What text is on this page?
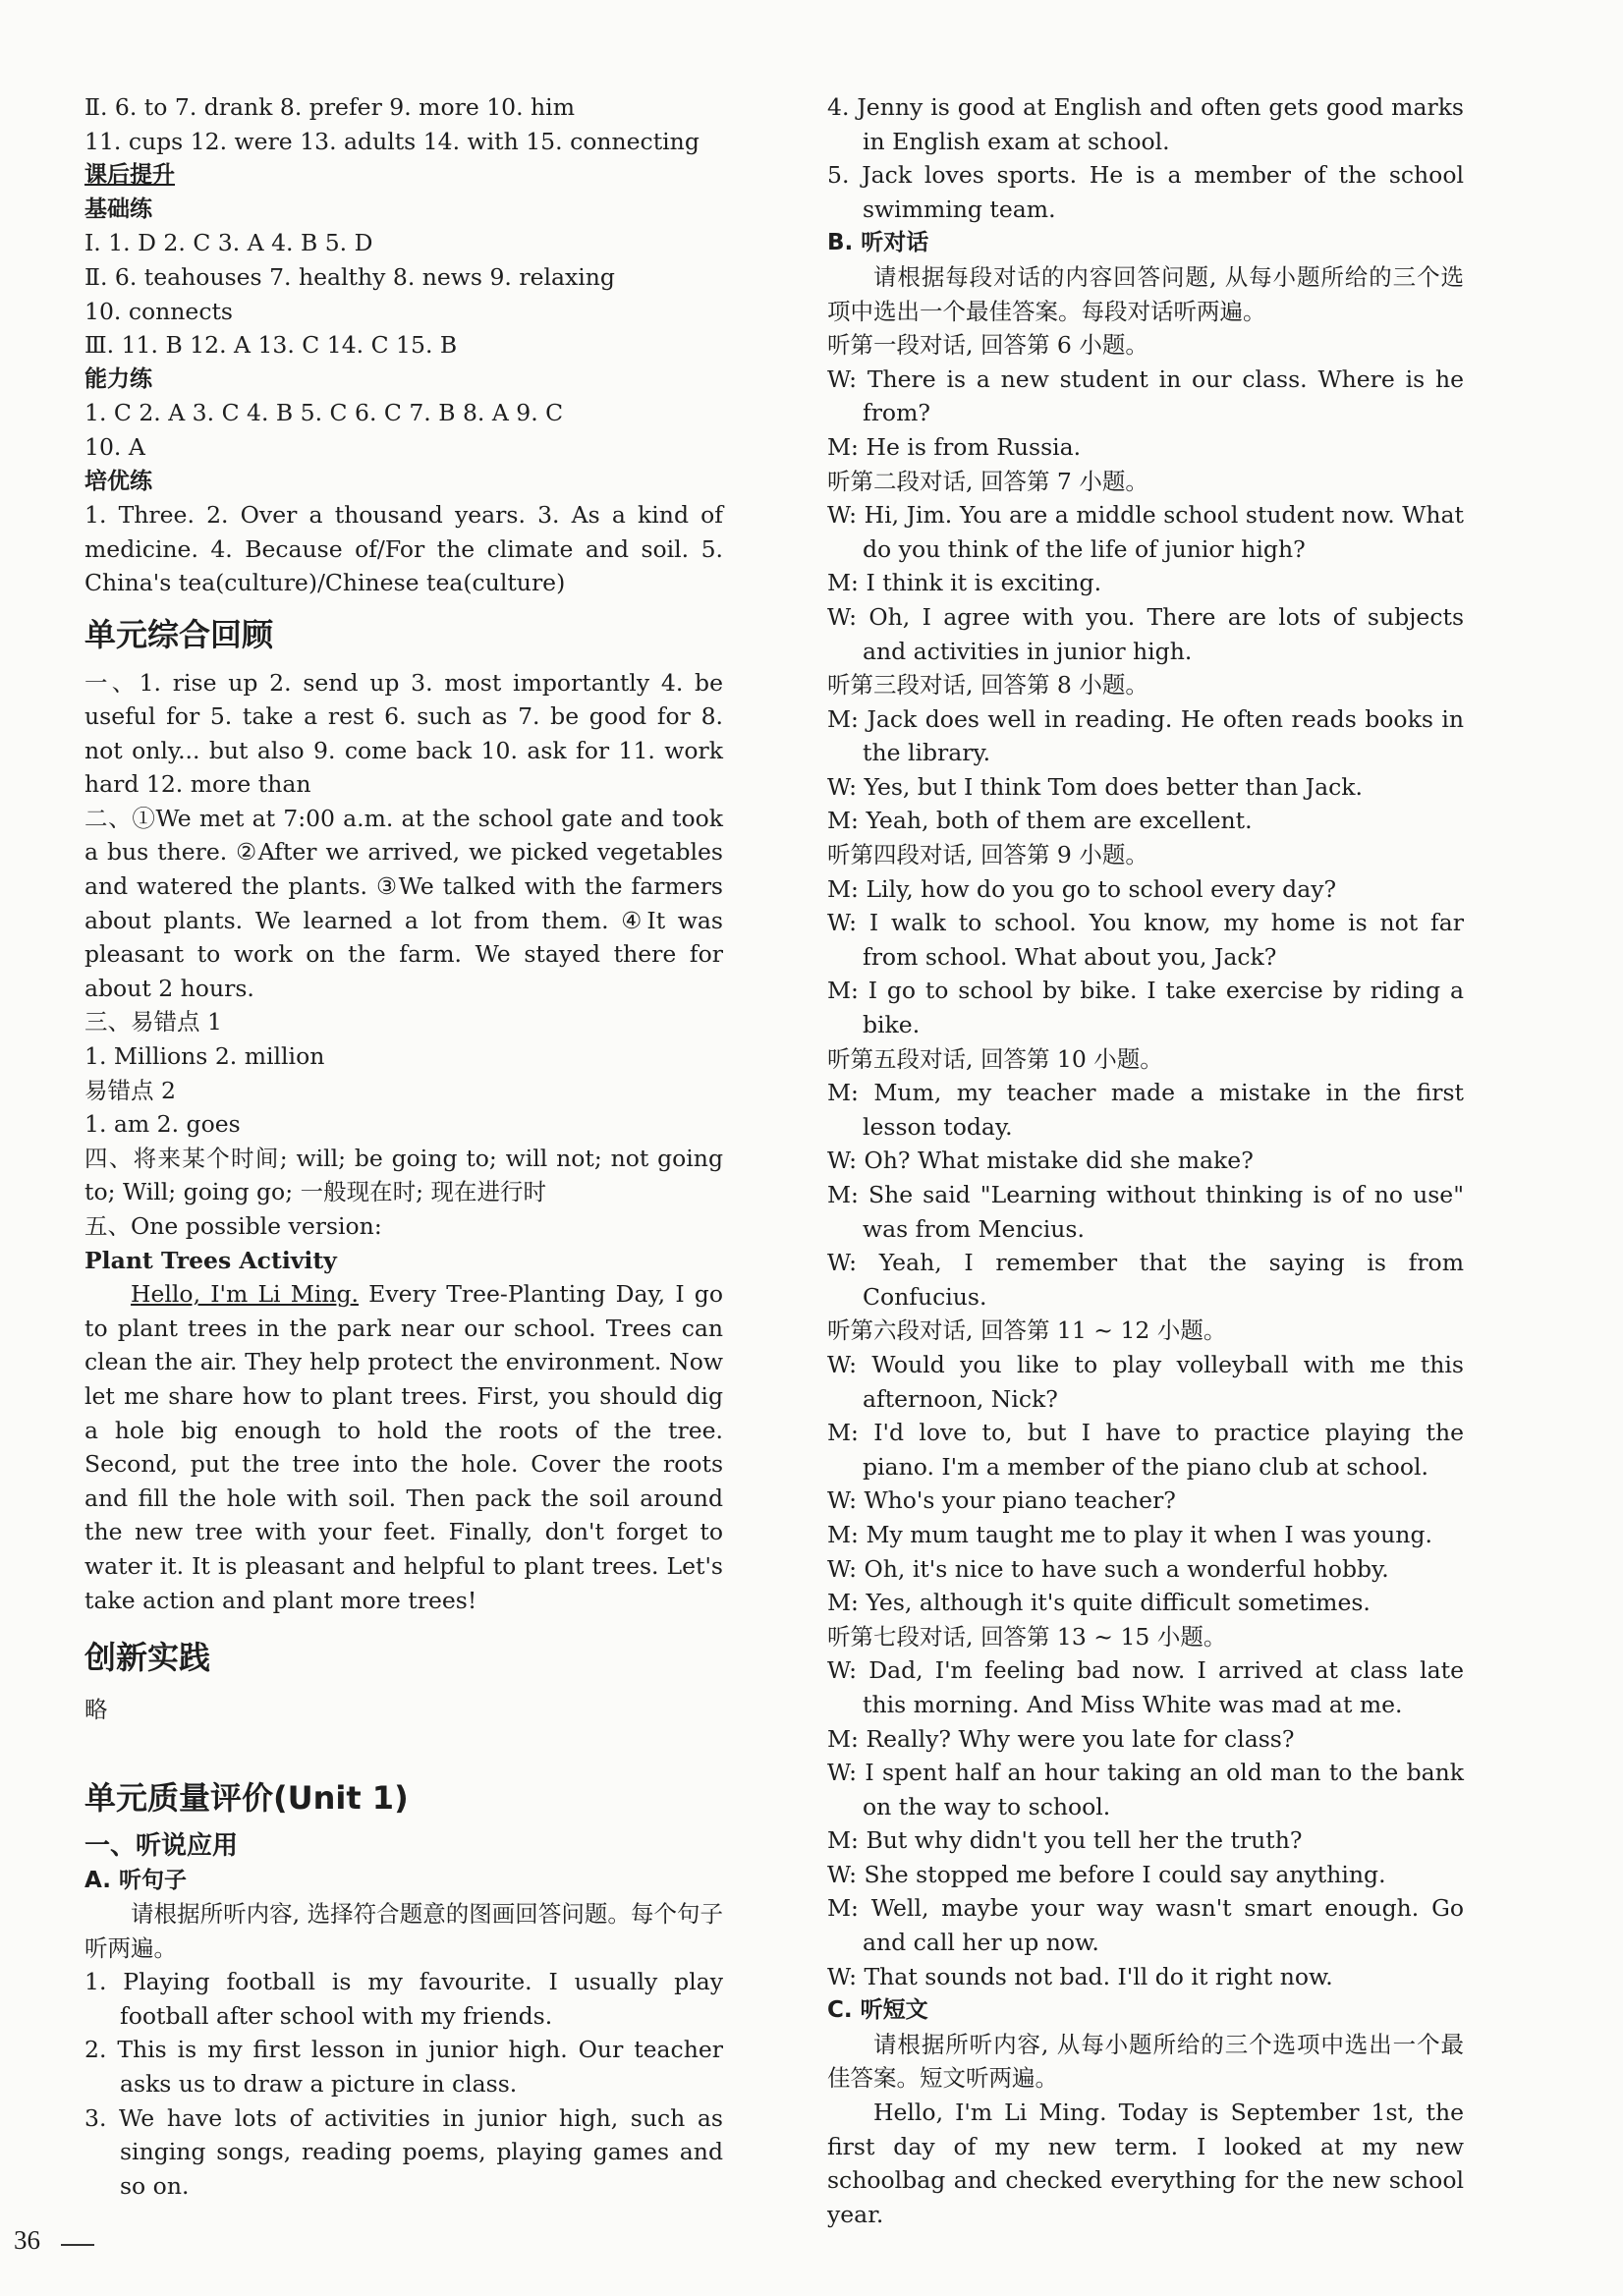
Ⅱ. 6. to 7. drank 8. prefer 9. more 10. him

11. cups 12. were 13. adults 14. with 15. connecting

课后提升

基础练

Ⅰ. 1. D 2. C 3. A 4. B 5. D

Ⅱ. 6. teahouses 7. healthy 8. news 9. relaxing

10. connects

Ⅲ. 11. B 12. A 13. C 14. C 15. B

能力练

1. C 2. A 3. C 4. B 5. C 6. C 7. B 8. A 9. C

10. A

培优练

1. Three. 2. Over a thousand years. 3. As a kind of medicine. 4. Because of/For the climate and soil. 5. China's tea(culture)/Chinese tea(culture)

单元综合回顾

一、1. rise up 2. send up 3. most importantly 4. be useful for 5. take a rest 6. such as 7. be good for 8. not only... but also 9. come back 10. ask for 11. work hard 12. more than

二、①We met at 7:00 a.m. at the school gate and took a bus there. ②After we arrived, we picked vegetables and watered the plants. ③We talked with the farmers about plants. We learned a lot from them. ④It was pleasant to work on the farm. We stayed there for about 2 hours.

三、易错点 1

1. Millions 2. million

易错点 2

1. am 2. goes

四、将来某个时间; will; be going to; will not; not going to; Will; going go; 一般现在时; 现在进行时

五、One possible version:

Plant Trees Activity

Hello, I'm Li Ming. Every Tree-Planting Day, I go to plant trees in the park near our school. Trees can clean the air. They help protect the environment. Now let me share how to plant trees. First, you should dig a hole big enough to hold the roots of the tree. Second, put the tree into the hole. Cover the roots and fill the hole with soil. Then pack the soil around the new tree with your feet. Finally, don't forget to water it. It is pleasant and helpful to plant trees. Let's take action and plant more trees!

创新实践

略

单元质量评价(Unit 1)

一、听说应用

A. 听句子

请根据所听内容, 选择符合题意的图画回答问题。每个句子听两遍。

1. Playing football is my favourite. I usually play football after school with my friends.

2. This is my first lesson in junior high. Our teacher asks us to draw a picture in class.

3. We have lots of activities in junior high, such as singing songs, reading poems, playing games and so on.

4. Jenny is good at English and often gets good marks in English exam at school.

5. Jack loves sports. He is a member of the school swimming team.

B. 听对话

请根据每段对话的内容回答问题, 从每小题所给的三个选项中选出一个最佳答案。每段对话听两遍。

听第一段对话, 回答第 6 小题。

W: There is a new student in our class. Where is he from?

M: He is from Russia.

听第二段对话, 回答第 7 小题。

W: Hi, Jim. You are a middle school student now. What do you think of the life of junior high?

M: I think it is exciting.

W: Oh, I agree with you. There are lots of subjects and activities in junior high.

听第三段对话, 回答第 8 小题。

M: Jack does well in reading. He often reads books in the library.

W: Yes, but I think Tom does better than Jack.

M: Yeah, both of them are excellent.

听第四段对话, 回答第 9 小题。

M: Lily, how do you go to school every day?

W: I walk to school. You know, my home is not far from school. What about you, Jack?

M: I go to school by bike. I take exercise by riding a bike.

听第五段对话, 回答第 10 小题。

M: Mum, my teacher made a mistake in the first lesson today.

W: Oh? What mistake did she make?

M: She said "Learning without thinking is of no use" was from Mencius.

W: Yeah, I remember that the saying is from Confucius.

听第六段对话, 回答第 11 ~ 12 小题。

W: Would you like to play volleyball with me this afternoon, Nick?

M: I'd love to, but I have to practice playing the piano. I'm a member of the piano club at school.

W: Who's your piano teacher?

M: My mum taught me to play it when I was young.

W: Oh, it's nice to have such a wonderful hobby.

M: Yes, although it's quite difficult sometimes.

听第七段对话, 回答第 13 ~ 15 小题。

W: Dad, I'm feeling bad now. I arrived at class late this morning. And Miss White was mad at me.

M: Really? Why were you late for class?

W: I spent half an hour taking an old man to the bank on the way to school.

M: But why didn't you tell her the truth?

W: She stopped me before I could say anything.

M: Well, maybe your way wasn't smart enough. Go and call her up now.

W: That sounds not bad. I'll do it right now.

C. 听短文

请根据所听内容, 从每小题所给的三个选项中选出一个最佳答案。短文听两遍。

Hello, I'm Li Ming. Today is September 1st, the first day of my new term. I looked at my new schoolbag and checked everything for the new school year.

36
